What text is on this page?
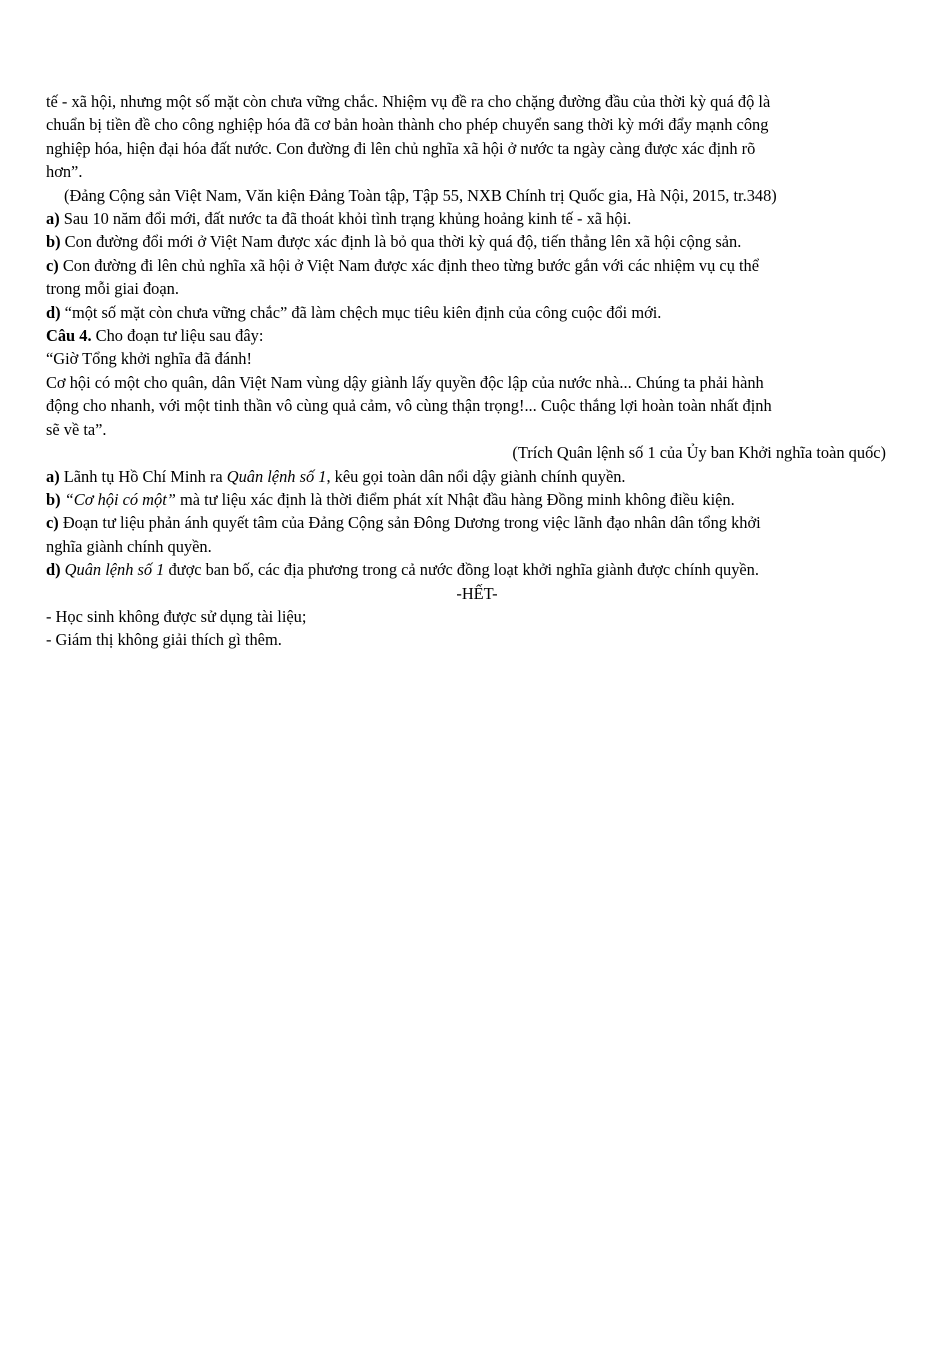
tế - xã hội, nhưng một số mặt còn chưa vững chắc. Nhiệm vụ đề ra cho chặng đường đầu của thời kỳ quá độ là

chuẩn bị tiền đề cho công nghiệp hóa đã cơ bản hoàn thành cho phép chuyển sang thời kỳ mới đẩy mạnh công

nghiệp hóa, hiện đại hóa đất nước. Con đường đi lên chủ nghĩa xã hội ở nước ta ngày càng được xác định rõ

hơn”.

(Đảng Cộng sản Việt Nam, Văn kiện Đảng Toàn tập, Tập 55, NXB Chính trị Quốc gia, Hà Nội, 2015, tr.348)

a) Sau 10 năm đổi mới, đất nước ta đã thoát khỏi tình trạng khủng hoảng kinh tế - xã hội.

b) Con đường đổi mới ở Việt Nam được xác định là bỏ qua thời kỳ quá độ, tiến thẳng lên xã hội cộng sản.

c) Con đường đi lên chủ nghĩa xã hội ở Việt Nam được xác định theo từng bước gắn với các nhiệm vụ cụ thể

trong mỗi giai đoạn.

d) “một số mặt còn chưa vững chắc” đã làm chệch mục tiêu kiên định của công cuộc đổi mới.

Câu 4. Cho đoạn tư liệu sau đây:

“Giờ Tổng khởi nghĩa đã đánh!

Cơ hội có một cho quân, dân Việt Nam vùng dậy giành lấy quyền độc lập của nước nhà... Chúng ta phải hành

động cho nhanh, với một tinh thần vô cùng quả cảm, vô cùng thận trọng!... Cuộc thắng lợi hoàn toàn nhất định

sẽ về ta”.

(Trích Quân lệnh số 1 của Ủy ban Khởi nghĩa toàn quốc)

a) Lãnh tụ Hồ Chí Minh ra Quân lệnh số 1, kêu gọi toàn dân nổi dậy giành chính quyền.

b) “Cơ hội có một” mà tư liệu xác định là thời điểm phát xít Nhật đầu hàng Đồng minh không điều kiện.

c) Đoạn tư liệu phản ánh quyết tâm của Đảng Cộng sản Đông Dương trong việc lãnh đạo nhân dân tổng khởi

nghĩa giành chính quyền.

d) Quân lệnh số 1 được ban bố, các địa phương trong cả nước đồng loạt khởi nghĩa giành được chính quyền.

-HẾT-

- Học sinh không được sử dụng tài liệu;

- Giám thị không giải thích gì thêm.
